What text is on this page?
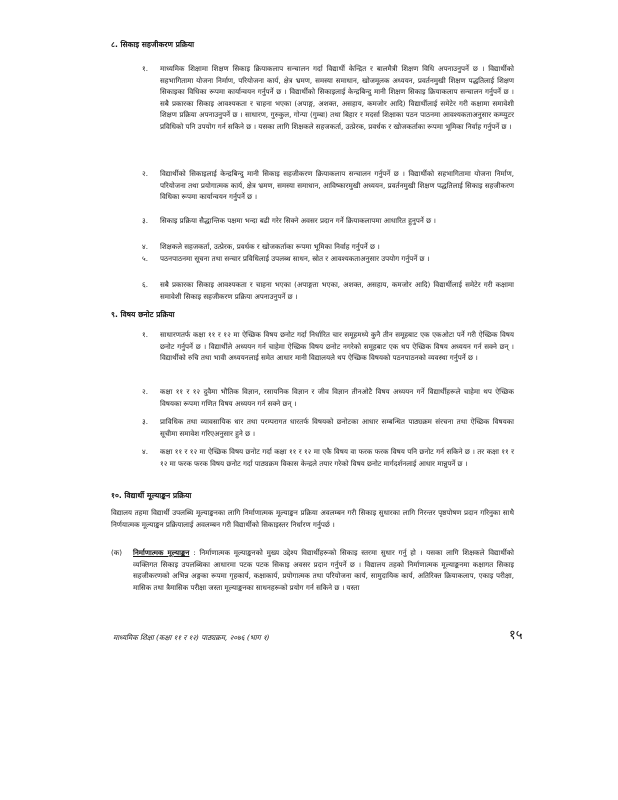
८. सिकाइ सहजीकरण प्रक्रिया
१. माध्यमिक शिक्षामा शिक्षण सिकाइ क्रियाकलाप सन्चालन गर्दा विद्यार्थी केन्द्रित र बालमैत्री शिक्षण विधि अपनाउनुपर्ने छ । विद्यार्थीको सहभागितामा योजना निर्माण, परियोजना कार्य, क्षेत्र भ्रमण, समस्या समाधान, खोजमूलक अध्ययन, प्रवर्तनमुखी शिक्षण पद्धतिलाई शिक्षण सिकाइका विधिका रूपमा कार्यान्वयन गर्नुपर्ने छ । विद्यार्थीको सिकाइलाई केन्द्रबिन्दु मानी शिक्षण सिकाइ क्रियाकलाप सन्चालन गर्नुपर्ने छ । सबै प्रकारका सिकाइ आवश्यकता र चाहना भएका (अपाङ्ग, अशक्त, असहाय, कमजोर आदि) विद्यार्थीलाई समेटेर गरी कक्षामा समावेशी शिक्षण प्रक्रिया अपनाउनुपर्ने छ । साधारण, गुरुकुल, गोन्पा (गुम्बा) तथा बिहार र मदर्सा शिक्षाका पठन पाठनमा आवश्यकताअनुसार कम्प्युटर प्रविधिको पनि उपयोग गर्न सकिने छ । यसका लागि शिक्षकले सहजकर्ता, उत्प्रेरक, प्रवर्धक र खोजकर्ताका रूपमा भूमिका निर्वाह गर्नुपर्ने छ ।
२. विद्यार्थीको सिकाइलाई केन्द्रबिन्दु मानी सिकाइ सहजीकरण क्रियाकलाप सन्चालन गर्नुपर्ने छ । विद्यार्थीको सहभागितामा योजना निर्माण, परियोजना तथा प्रयोगात्मक कार्य, क्षेत्र भ्रमण, समस्या समाधान, आविष्कारमुखी अध्ययन, प्रवर्तनमुखी शिक्षण पद्धतिलाई सिकाइ सहजीकरण विधिका रूपमा कार्यान्वयन गर्नुपर्ने छ ।
३. सिकाइ प्रक्रिया सैद्धान्तिक पक्षमा भन्दा बढी गरेर सिक्ने अवसर प्रदान गर्ने क्रियाकलापमा आधारित हुनुपर्ने छ ।
४. शिक्षकले सहजकर्ता, उत्प्रेरक, प्रवर्धक र खोजकर्ताका रूपमा भूमिका निर्वाह गर्नुपर्ने छ ।
५. पठनपाठनमा सूचना तथा सन्चार प्रविधिलाई उपलब्ध साधन, स्रोत र आवश्यकताअनुसार उपयोग गर्नुपर्ने छ ।
६. सबै प्रकारका सिकाइ आवश्यकता र चाहना भएका (अपाङ्गता भएका, अशक्त, असहाय, कमजोर आदि) विद्यार्थीलाई समेटेर गरी कक्षामा समावेशी सिकाइ सहजीकरण प्रक्रिया अपनाउनुपर्ने छ ।
९. विषय छनोट प्रक्रिया
१. साधारणतर्फ कक्षा ११ र १२ मा ऐच्छिक विषय छनोट गर्दा निर्धारित चार समूहमध्ये कुनै तीन समूहबाट एक एकओटा पर्ने गरी ऐच्छिक विषय छनोट गर्नुपर्ने छ । विद्यार्थीले अध्ययन गर्न चाहेमा ऐच्छिक विषय छनोट नगरेको समूहबाट एक थप ऐच्छिक विषय अध्ययन गर्न सक्ने छन् । विद्यार्थीको रुचि तथा भावी अध्ययनलाई समेत आधार मानी विद्यालयले थप ऐच्छिक विषयको पठनपाठनको व्यवस्था गर्नुपर्ने छ ।
२. कक्षा ११ र १२ दुवैमा भौतिक विज्ञान, रसायनिक विज्ञान र जीव विज्ञान तीनओटै विषय अध्ययन गर्ने विद्यार्थीहरूले चाहेमा थप ऐच्छिक विषयका रूपमा गणित विषय अध्ययन गर्न सक्ने छन् ।
३. प्राविधिक तथा व्यावसायिक धार तथा परम्परागत धारतर्फ विषयको छनोटका आधार सम्बन्धित पाठ्यक्रम संरचना तथा ऐच्छिक विषयका सूचीमा समावेश गरिएअनुसार हुने छ ।
४. कक्षा ११ र १२ मा ऐच्छिक विषय छनोट गर्दा कक्षा ११ र १२ मा एकै विषय वा फरक फरक विषय पनि छनोट गर्न सकिने छ । तर कक्षा ११ र १२ मा फरक फरक विषय छनोट गर्दा पाठ्यक्रम विकास केन्द्रले तयार गरेको विषय छनोट मार्गदर्शनलाई आधार मान्नुपर्ने छ ।
१०. विद्यार्थी मूल्याङ्कन प्रक्रिया
विद्यालय तहमा विद्यार्थी उपलब्धि मूल्याङ्कनका लागि निर्माणात्मक मूल्याङ्कन प्रक्रिया अवलम्बन गरी सिकाइ सुधारका लागि निरन्तर पृष्ठपोषण प्रदान गरिनुका साथै निर्णयात्मक मूल्याङ्कन प्रक्रियालाई अवलम्बन गरी विद्यार्थीको सिकाइस्तर निर्धारण गर्नुपर्छ ।
(क)	निर्माणात्मक मूल्याङ्कन : निर्माणात्मक मूल्याङ्कनको मुख्य उद्देश्य विद्यार्थीहरूको सिकाइ स्तरमा सुधार गर्नु हो । यसका लागि शिक्षकले विद्यार्थीको व्यक्तिगत सिकाइ उपलब्धिका आधारमा पटक पटक सिकाइ अवसर प्रदान गर्नुपर्ने छ । विद्यालय तहको निर्माणात्मक मूल्याङ्कनमा कक्षागत सिकाइ सहजीकरणको अभिन्न अङ्गका रूपमा गृहकार्य, कक्षाकार्य, प्रयोगात्मक तथा परियोजना कार्य, सामुदायिक कार्य, अतिरिक्त क्रियाकलाप, एकाइ परीक्षा, मासिक तथा त्रैमासिक परीक्षा जस्ता मूल्याङ्कनका साधनहरूको प्रयोग गर्न सकिने छ । यस्ता
माध्यमिक शिक्षा (कक्षा ११ र १२) पाठ्यक्रम, २०७६ (भाग १)	१५
